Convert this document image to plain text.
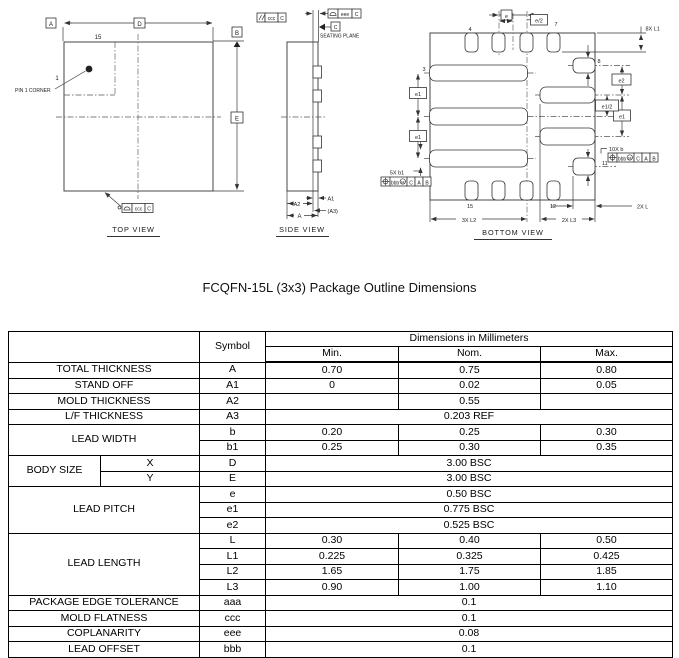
PIN 1 CORNER
15
1
A	D
B
E
ccc C
TOP VIEW
ccc C
eee C
C
SEATING PLANE
A2
A1
(A3)
A
SIDE VIEW
4
7
8
3
11
15	12
e
e/2
8X L1
e2
e1
e1/2
10X b
bbb M C A B
e1
e1
5X b1
bbb M C A B
2X L
3X L2	2X L3
BOTTOM VIEW
FCQFN-15L (3x3) Package Outline Dimensions
		Symbol	Dimensions in Millimeters		
			Min.	Nom.	Max.
TOTAL THICKNESS		A	0.70	0.75	0.80
STAND OFF		A1	0	0.02	0.05
MOLD THICKNESS		A2		0.55	
L/F THICKNESS		A3	0.203 REF		
LEAD WIDTH		b	0.20	0.25	0.30
		b1	0.25	0.30	0.35
BODY SIZE	X	D	3.00 BSC		
	Y	E	3.00 BSC		
LEAD PITCH		e	0.50 BSC		
		e1	0.775 BSC		
		e2	0.525 BSC		
LEAD LENGTH		L	0.30	0.40	0.50
		L1	0.225	0.325	0.425
		L2	1.65	1.75	1.85
		L3	0.90	1.00	1.10
PACKAGE EDGE TOLERANCE		aaa	0.1		
MOLD FLATNESS		ccc	0.1		
COPLANARITY		eee	0.08		
LEAD OFFSET		bbb	0.1		
